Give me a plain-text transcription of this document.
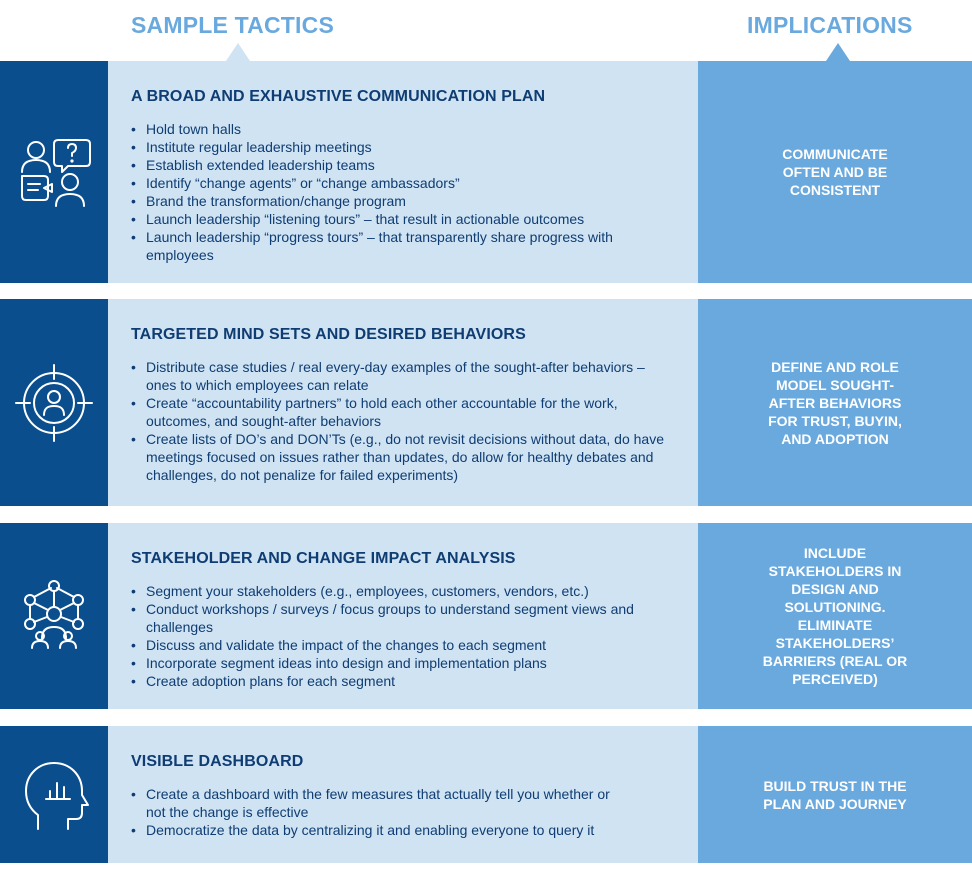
SAMPLE TACTICS	IMPLICATIONS
A BROAD AND EXHAUSTIVE COMMUNICATION PLAN
• Hold town halls
• Institute regular leadership meetings
• Establish extended leadership teams
• Identify “change agents” or “change ambassadors”
• Brand the transformation/change program
• Launch leadership “listening tours” – that result in actionable outcomes
• Launch leadership “progress tours” – that transparently share progress with employees
COMMUNICATE OFTEN AND BE CONSISTENT
TARGETED MIND SETS AND DESIRED BEHAVIORS
• Distribute case studies / real every-day examples of the sought-after behaviors – ones to which employees can relate
• Create “accountability partners” to hold each other accountable for the work, outcomes, and sought-after behaviors
• Create lists of DO’s and DON’Ts (e.g., do not revisit decisions without data, do have meetings focused on issues rather than updates, do allow for healthy debates and challenges, do not penalize for failed experiments)
DEFINE AND ROLE MODEL SOUGHT-AFTER BEHAVIORS FOR TRUST, BUYIN, AND ADOPTION
STAKEHOLDER AND CHANGE IMPACT ANALYSIS
• Segment your stakeholders (e.g., employees, customers, vendors, etc.)
• Conduct workshops / surveys / focus groups to understand segment views and challenges
• Discuss and validate the impact of the changes to each segment
• Incorporate segment ideas into design and implementation plans
• Create adoption plans for each segment
INCLUDE STAKEHOLDERS IN DESIGN AND SOLUTIONING. ELIMINATE STAKEHOLDERS’ BARRIERS (REAL OR PERCEIVED)
VISIBLE DASHBOARD
• Create a dashboard with the few measures that actually tell you whether or not the change is effective
• Democratize the data by centralizing it and enabling everyone to query it
BUILD TRUST IN THE PLAN AND JOURNEY
